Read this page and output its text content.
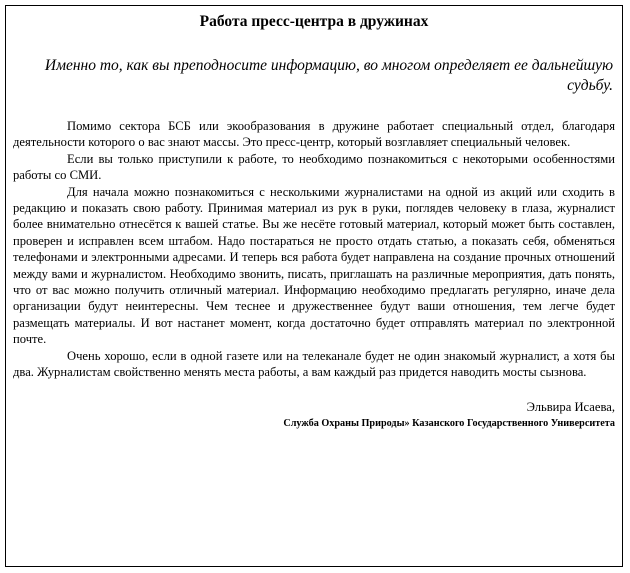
Работа пресс-центра в дружинах
Именно то, как вы преподносите информацию, во многом определяет ее дальнейшую судьбу.

Помимо сектора БСБ или экообразования в дружине работает специальный отдел, благодаря деятельности которого о вас знают массы. Это пресс-центр, который возглавляет специальный человек.

Если вы только приступили к работе, то необходимо познакомиться с некоторыми особенностями работы со СМИ.

Для начала можно познакомиться с несколькими журналистами на одной из акций или сходить в редакцию и показать свою работу. Принимая материал из рук в руки, поглядев человеку в глаза, журналист более внимательно отнесётся к вашей статье. Вы же несёте готовый материал, который может быть составлен, проверен и исправлен всем штабом. Надо постараться не просто отдать статью, а показать себя, обменяться телефонами и электронными адресами. И теперь вся работа будет направлена на создание прочных отношений между вами и журналистом. Необходимо звонить, писать, приглашать на различные мероприятия, дать понять, что от вас можно получить отличный материал. Информацию необходимо предлагать регулярно, иначе дела организации будут неинтересны. Чем теснее и дружественнее будут ваши отношения, тем легче будет размещать материалы. И вот настанет момент, когда достаточно будет отправлять материал по электронной почте.

Очень хорошо, если в одной газете или на телеканале будет не один знакомый журналист, а хотя бы два. Журналистам свойственно менять места работы, а вам каждый раз придется наводить мосты сызнова.

Эльвира Исаева,
Служба Охраны Природы» Казанского Государственного Университета
